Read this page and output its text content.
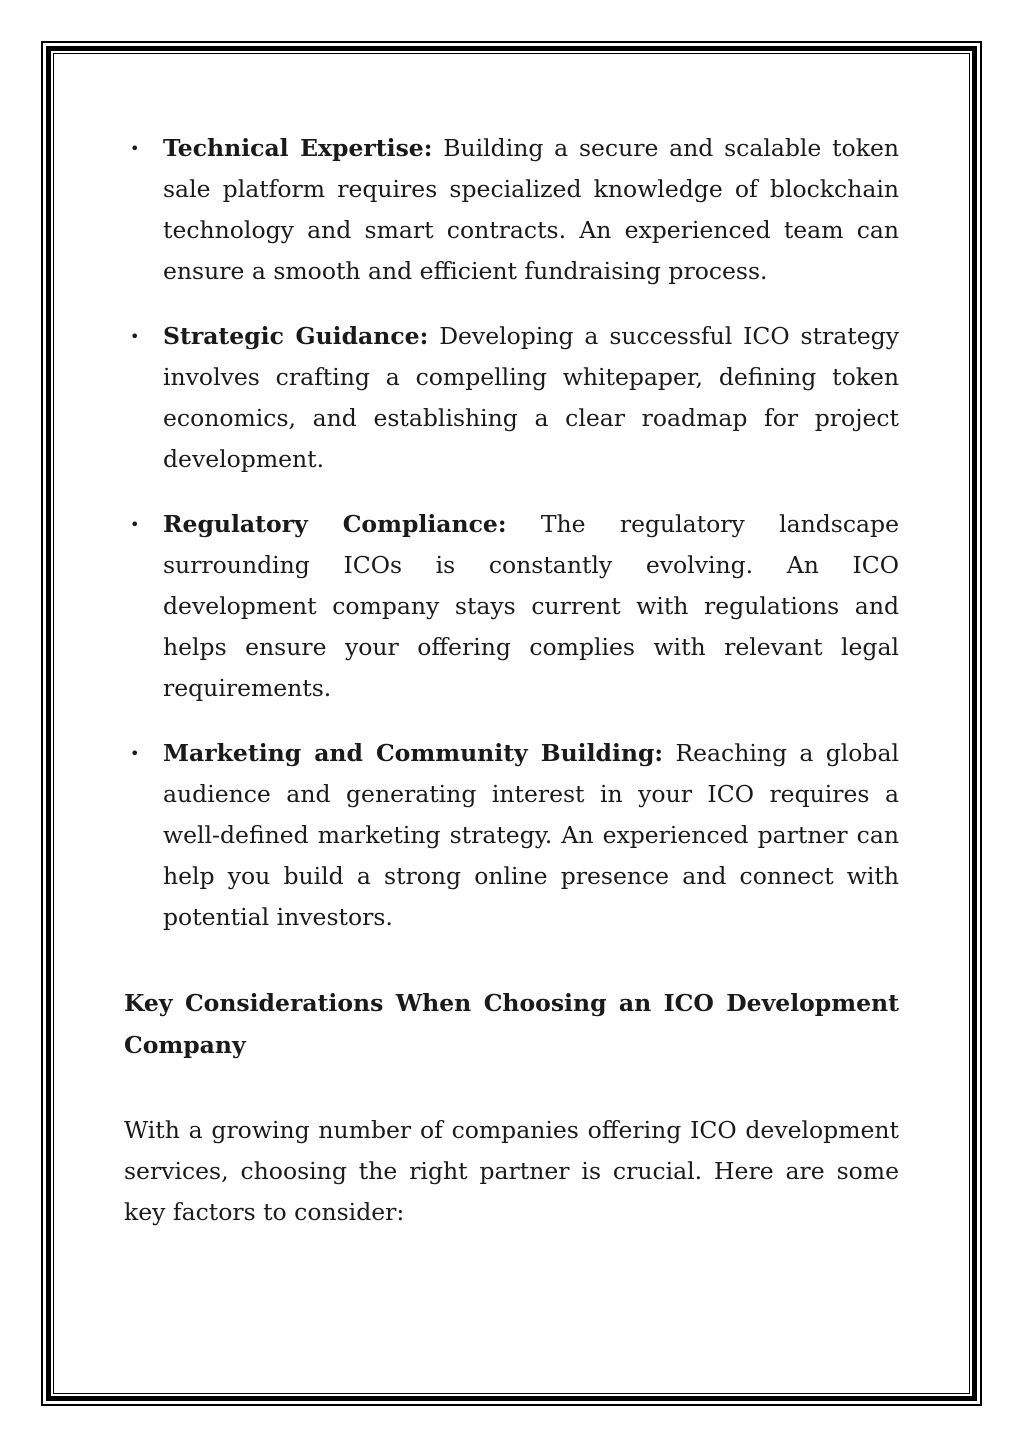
• Technical Expertise: Building a secure and scalable token sale platform requires specialized knowledge of blockchain technology and smart contracts. An experienced team can ensure a smooth and efficient fundraising process.
• Strategic Guidance: Developing a successful ICO strategy involves crafting a compelling whitepaper, defining token economics, and establishing a clear roadmap for project development.
• Regulatory Compliance: The regulatory landscape surrounding ICOs is constantly evolving. An ICO development company stays current with regulations and helps ensure your offering complies with relevant legal requirements.
• Marketing and Community Building: Reaching a global audience and generating interest in your ICO requires a well-defined marketing strategy. An experienced partner can help you build a strong online presence and connect with potential investors.
Key Considerations When Choosing an ICO Development Company

With a growing number of companies offering ICO development services, choosing the right partner is crucial. Here are some key factors to consider:
